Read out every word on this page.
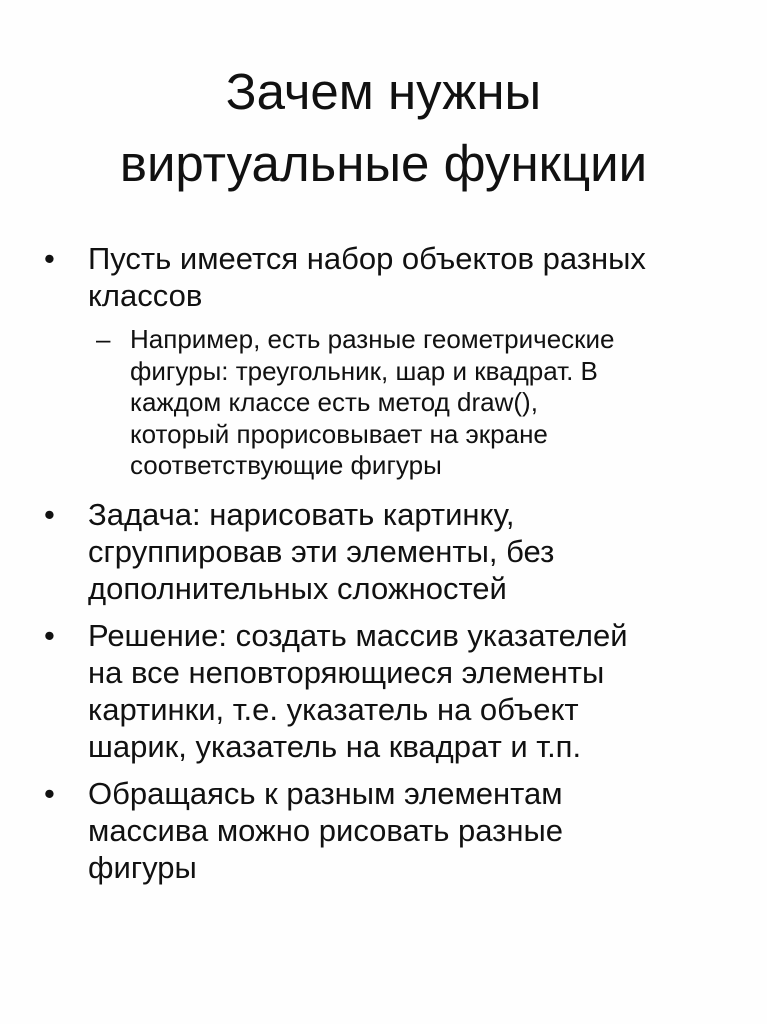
Зачем нужны
виртуальные функции
• Пусть имеется набор объектов разных
классов
– Например, есть разные геометрические
фигуры: треугольник, шар и квадрат. В
каждом классе есть метод draw(),
который прорисовывает на экране
соответствующие фигуры
• Задача: нарисовать картинку,
сгруппировав эти элементы, без
дополнительных сложностей
• Решение: создать массив указателей
на все неповторяющиеся элементы
картинки, т.е. указатель на объект
шарик, указатель на квадрат и т.п.
• Обращаясь к разным элементам
массива можно рисовать разные
фигуры
